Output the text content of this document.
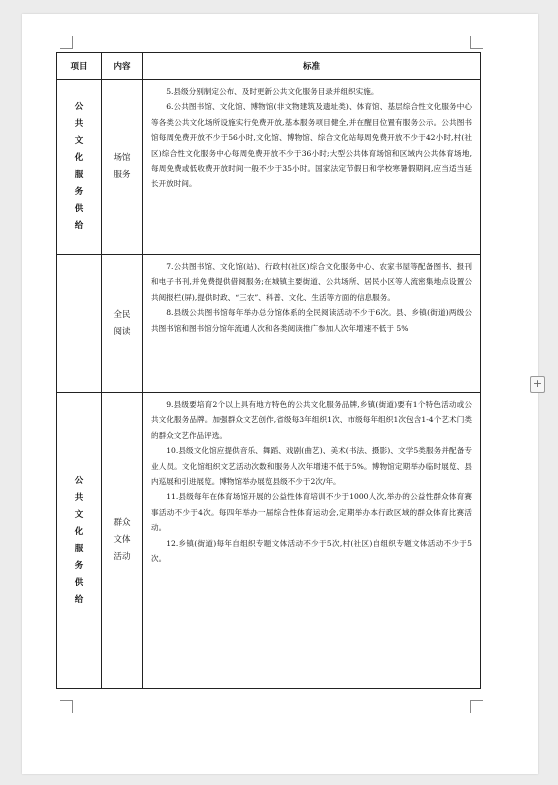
项目	内容	标准
公共文化服务供给
场馆服务

5.县级分别制定公布、及时更新公共文化服务目录并组织实施。

6.公共图书馆、文化馆、博物馆(非文物建筑及遗址类)、体育馆、基层综合性文化服务中心等各类公共文化场所设施实行免费开放,基本服务项目健全,并在醒目位置有服务公示。公共图书馆每周免费开放不少于56小时,文化馆、博物馆、综合文化站每周免费开放不少于42小时,村(社区)综合性文化服务中心每周免费开放不少于36小时;大型公共体育场馆和区域内公共体育场地,每周免费或低收费开放时间一般不少于35小时。国家法定节假日和学校寒暑假期间,应当适当延长开放时间。

全民阅读

7.公共图书馆、文化馆(站)、行政村(社区)综合文化服务中心、农家书屋等配备图书、报刊和电子书刊,并免费提供借阅服务;在城镇主要街道、公共场所、居民小区等人流密集地点设置公共阅报栏(屏),提供时政、“三农”、科普、文化、生活等方面的信息服务。

8.县级公共图书馆每年举办总分馆体系的全民阅读活动不少于6次。县、乡镇(街道)两级公共图书馆和图书馆分馆年流通人次和各类阅读推广参加人次年增速不低于 5%

公共文化服务供给
群众文体活动

9.县级要培育2个以上具有地方特色的公共文化服务品牌,乡镇(街道)要有1个特色活动或公共文化服务品牌。加强群众文艺创作,省级每3年组织1次、市级每年组织1次包含1-4个艺术门类的群众文艺作品评选。

10.县级文化馆应提供音乐、舞蹈、戏剧(曲艺)、美术(书法、摄影)、文学5类服务并配备专业人员。文化馆组织文艺活动次数和服务人次年增速不低于5%。博物馆定期举办临时展览、县内巡展和引进展览。博物馆举办展览县级不少于2次/年。

11.县级每年在体育场馆开展的公益性体育培训不少于1000人次,举办的公益性群众体育赛事活动不少于4次。每四年举办一届综合性体育运动会,定期举办本行政区域的群众体育比赛活动。

12.乡镇(街道)每年自组织专题文体活动不少于5次,村(社区)自组织专题文体活动不少于5次。

+
